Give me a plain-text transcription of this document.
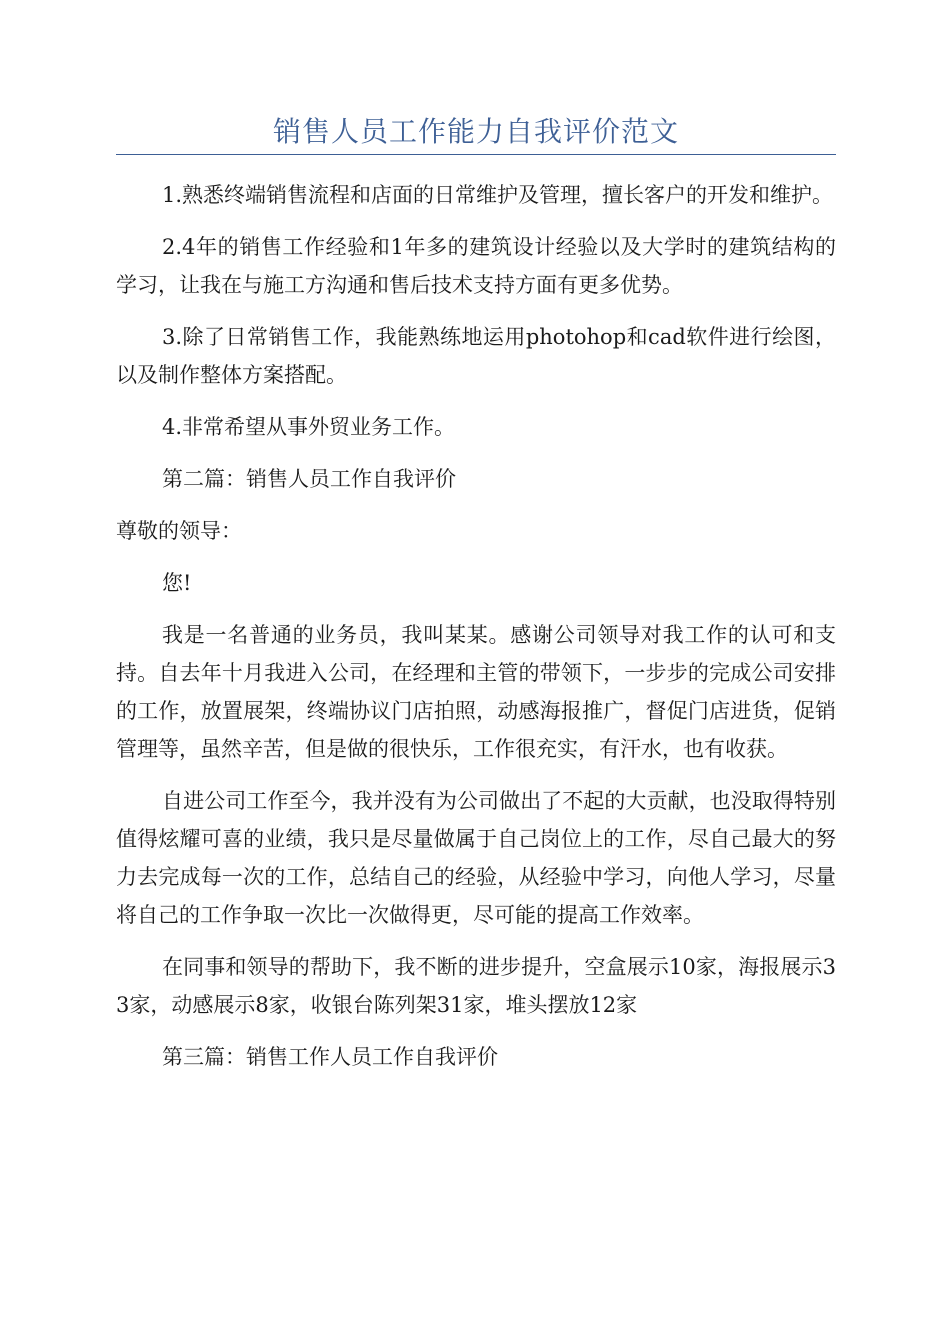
销售人员工作能力自我评价范文

1.熟悉终端销售流程和店面的日常维护及管理，擅长客户的开发和维护。

2.4年的销售工作经验和1年多的建筑设计经验以及大学时的建筑结构的学习，让我在与施工方沟通和售后技术支持方面有更多优势。

3.除了日常销售工作，我能熟练地运用photohop和cad软件进行绘图，以及制作整体方案搭配。

4.非常希望从事外贸业务工作。

第二篇：销售人员工作自我评价

尊敬的领导：

您!

我是一名普通的业务员，我叫某某。感谢公司领导对我工作的认可和支持。自去年十月我进入公司，在经理和主管的带领下，一步步的完成公司安排的工作，放置展架，终端协议门店拍照，动感海报推广，督促门店进货，促销管理等，虽然辛苦，但是做的很快乐，工作很充实，有汗水，也有收获。

自进公司工作至今，我并没有为公司做出了不起的大贡献，也没取得特别值得炫耀可喜的业绩，我只是尽量做属于自己岗位上的工作，尽自己最大的努力去完成每一次的工作，总结自己的经验，从经验中学习，向他人学习，尽量将自己的工作争取一次比一次做得更，尽可能的提高工作效率。

在同事和领导的帮助下，我不断的进步提升，空盒展示10家，海报展示33家，动感展示8家，收银台陈列架31家，堆头摆放12家

第三篇：销售工作人员工作自我评价
